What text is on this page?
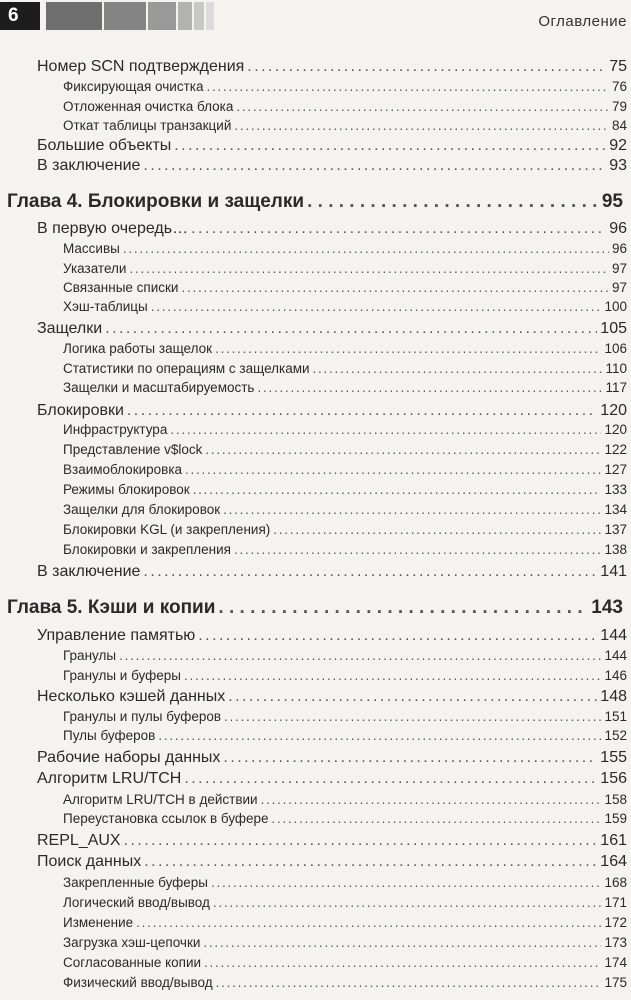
6	Оглавление
Номер SCN подтверждения . . .	75
Фиксирующая очистка . . .	76
Отложенная очистка блока . . .	79
Откат таблицы транзакций . . .	84
Большие объекты . . .	92
В заключение . . .	93
Глава 4. Блокировки и защелки . . .	95
В первую очередь… . . .	96
Массивы . . .	96
Указатели . . .	97
Связанные списки . . .	97
Хэш-таблицы . . .	100
Защелки . . .	105
Логика работы защелок . . .	106
Статистики по операциям с защелками . . .	110
Защелки и масштабируемость . . .	117
Блокировки . . .	120
Инфраструктура . . .	120
Представление v$lock . . .	122
Взаимоблокировка . . .	127
Режимы блокировок . . .	133
Защелки для блокировок . . .	134
Блокировки KGL (и закрепления) . . .	137
Блокировки и закрепления . . .	138
В заключение . . .	141
Глава 5. Кэши и копии . . .	143
Управление памятью . . .	144
Гранулы . . .	144
Гранулы и буферы . . .	146
Несколько кэшей данных . . .	148
Гранулы и пулы буферов . . .	151
Пулы буферов . . .	152
Рабочие наборы данных . . .	155
Алгоритм LRU/TCH . . .	156
Алгоритм LRU/TCH в действии . . .	158
Переустановка ссылок в буфере . . .	159
REPL_AUX . . .	161
Поиск данных . . .	164
Закрепленные буферы . . .	168
Логический ввод/вывод . . .	171
Изменение . . .	172
Загрузка хэш-цепочки . . .	173
Согласованные копии . . .	174
Физический ввод/вывод . . .	175
